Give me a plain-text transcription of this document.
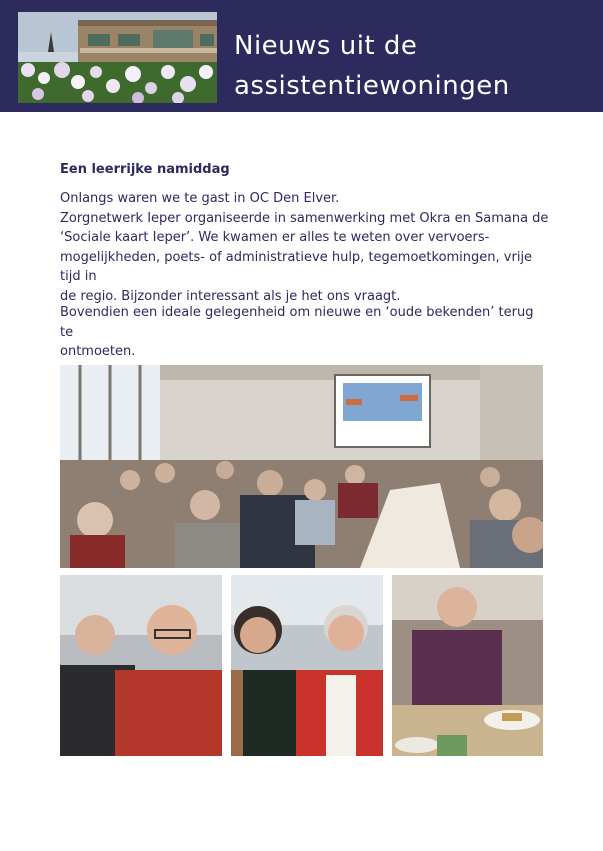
Nieuws uit de
assistentiewoningen
Een leerrijke namiddag

Onlangs waren we te gast in OC Den Elver.
Zorgnetwerk Ieper organiseerde in samenwerking met Okra en Samana de
‘Sociale kaart Ieper’. We kwamen er alles te weten over vervoers-
mogelijkheden, poets- of administratieve hulp, tegemoetkomingen, vrije tijd in
de regio. Bijzonder interessant als je het ons vraagt.

Bovendien een ideale gelegenheid om nieuwe en ‘oude bekenden’ terug te
ontmoeten.
